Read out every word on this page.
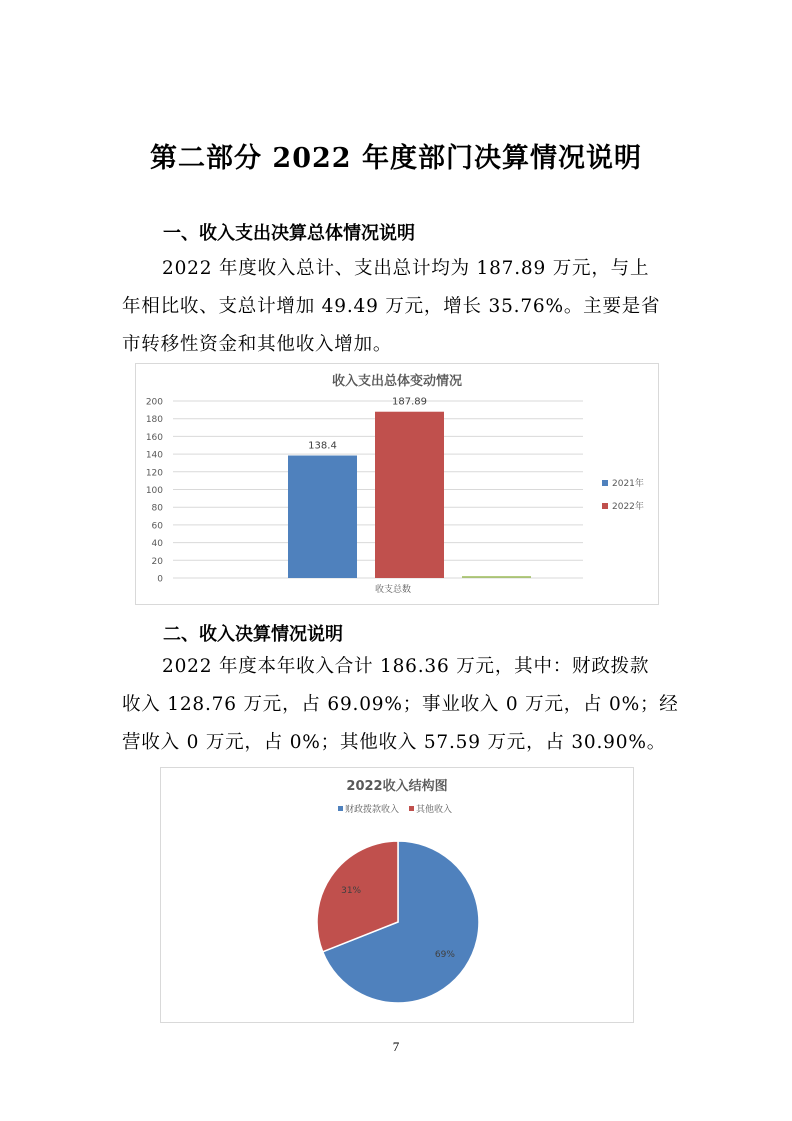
第二部分 2022 年度部门决算情况说明
一、收入支出决算总体情况说明
2022 年度收入总计、支出总计均为 187.89 万元，与上
年相比收、支总计增加 49.49 万元，增长 35.76%。主要是省
市转移性资金和其他收入增加。
收入支出总体变动情况
0
20
40
60
80
100
120
140
160
180
200
138.4
187.89
收支总数
2021年
2022年
二、收入决算情况说明
2022 年度本年收入合计 186.36 万元，其中：财政拨款
收入 128.76 万元，占 69.09%；事业收入 0 万元，占 0%；经
营收入 0 万元，占 0%；其他收入 57.59 万元，占 30.90%。
2022收入结构图
财政拨款收入 其他收入
69%
31%
7
